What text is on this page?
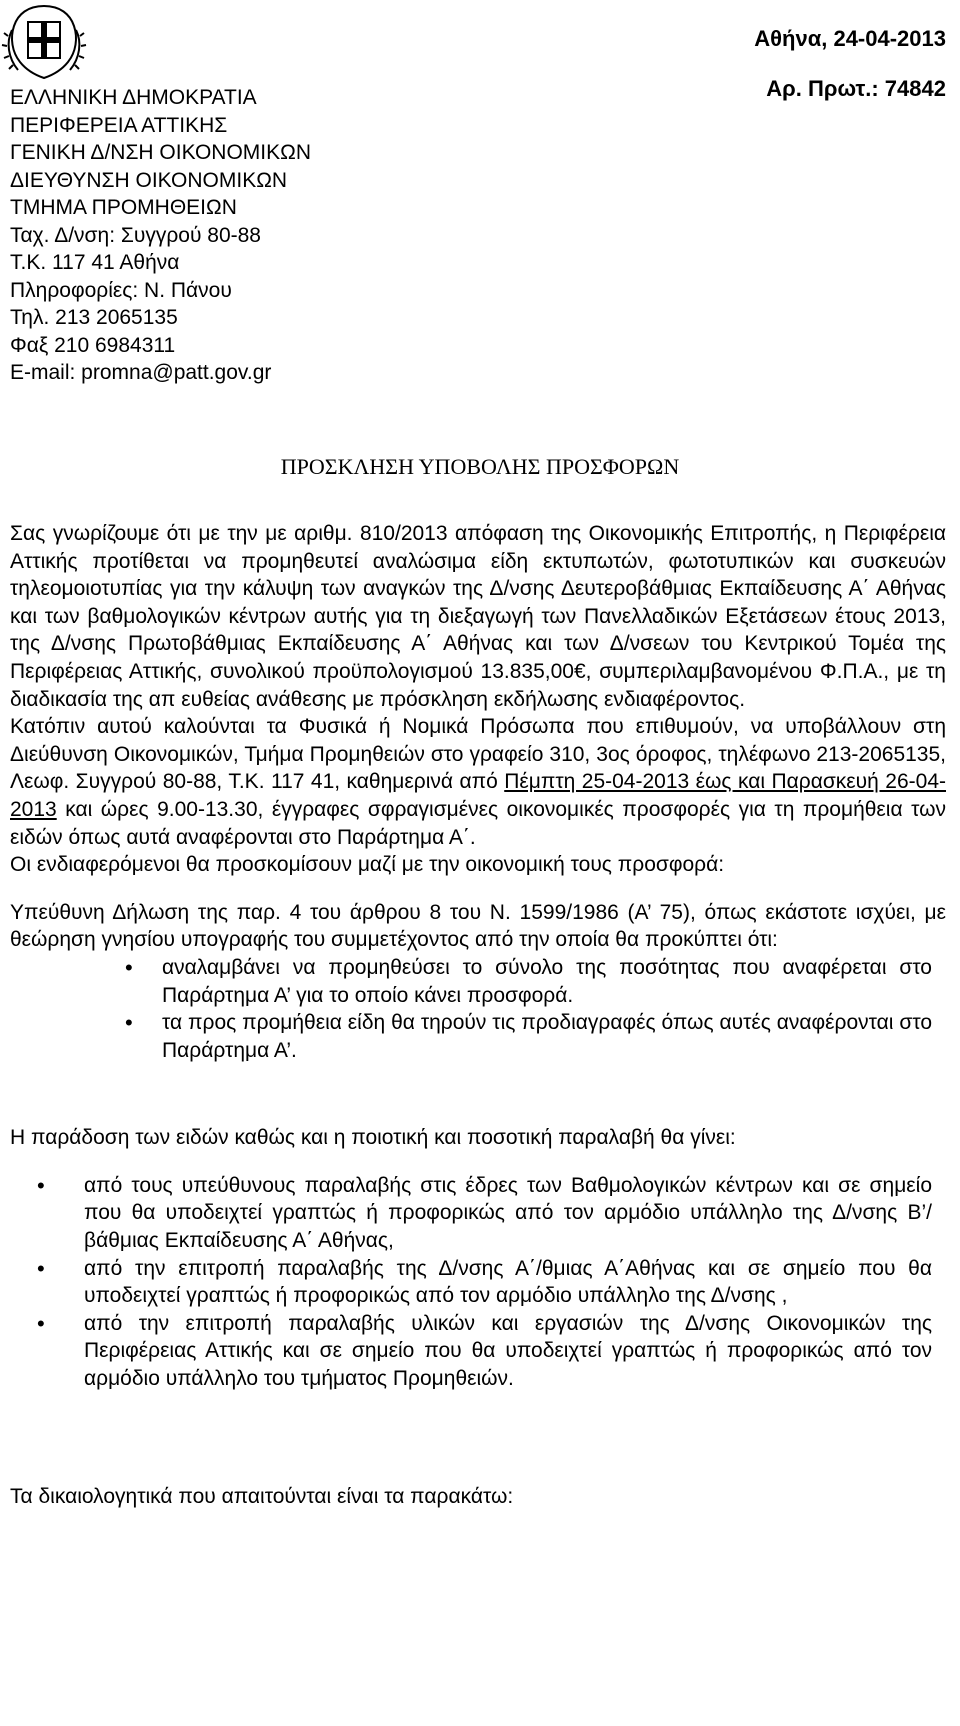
ΕΛΛΗΝΙΚΗ ΔΗΜΟΚΡΑΤΙΑ
ΠΕΡΙΦΕΡΕΙΑ ΑΤΤΙΚΗΣ
ΓΕΝΙΚΗ Δ/ΝΣΗ ΟΙΚΟΝΟΜΙΚΩΝ
ΔΙΕΥΘΥΝΣΗ ΟΙΚΟΝΟΜΙΚΩΝ
ΤΜΗΜΑ ΠΡΟΜΗΘΕΙΩΝ
Ταχ. Δ/νση: Συγγρού 80-88
Τ.Κ. 117 41 Αθήνα
Πληροφορίες: Ν. Πάνου
Τηλ. 213 2065135
Φαξ 210 6984311
E-mail: promna@patt.gov.gr
Αθήνα, 24-04-2013
Αρ. Πρωτ.: 74842
ΠΡΟΣΚΛΗΣΗ ΥΠΟΒΟΛΗΣ ΠΡΟΣΦΟΡΩΝ

Σας γνωρίζουμε ότι με την με αριθμ. 810/2013 απόφαση της Οικονομικής Επιτροπής, η Περιφέρεια Αττικής προτίθεται να προμηθευτεί αναλώσιμα είδη εκτυπωτών, φωτοτυπικών και συσκευών τηλεομοιοτυπίας για την κάλυψη των αναγκών της Δ/νσης Δευτεροβάθμιας Εκπαίδευσης Α΄ Αθήνας και των βαθμολογικών κέντρων αυτής για τη διεξαγωγή των Πανελλαδικών Εξετάσεων έτους 2013, της Δ/νσης Πρωτοβάθμιας Εκπαίδευσης Α΄ Αθήνας και των Δ/νσεων του Κεντρικού Τομέα της Περιφέρειας Αττικής, συνολικού προϋπολογισμού 13.835,00€, συμπεριλαμβανομένου Φ.Π.Α., με τη διαδικασία της απ ευθείας ανάθεσης με πρόσκληση εκδήλωσης ενδιαφέροντος.

Κατόπιν αυτού καλούνται τα Φυσικά ή Νομικά Πρόσωπα που επιθυμούν, να υποβάλλουν στη Διεύθυνση Οικονομικών, Τμήμα Προμηθειών στο γραφείο 310, 3ος όροφος, τηλέφωνο 213-2065135, Λεωφ. Συγγρού 80-88, Τ.Κ. 117 41, καθημερινά από Πέμπτη 25-04-2013 έως και Παρασκευή 26-04-2013 και ώρες 9.00-13.30, έγγραφες σφραγισμένες οικονομικές προσφορές για τη προμήθεια των ειδών όπως αυτά αναφέρονται στο Παράρτημα Α΄.

Οι ενδιαφερόμενοι θα προσκομίσουν μαζί με την οικονομική τους προσφορά:

Υπεύθυνη Δήλωση της παρ. 4 του άρθρου 8 του Ν. 1599/1986 (Α’ 75), όπως εκάστοτε ισχύει, με θεώρηση γνησίου υπογραφής του συμμετέχοντος από την οποία θα προκύπτει ότι:

• αναλαμβάνει να προμηθεύσει το σύνολο της ποσότητας που αναφέρεται στο Παράρτημα Α’ για το οποίο κάνει προσφορά.
• τα προς προμήθεια είδη θα τηρούν τις προδιαγραφές όπως αυτές αναφέρονται στο Παράρτημα Α’.

Η παράδοση των ειδών καθώς και η ποιοτική και ποσοτική παραλαβή θα γίνει:

• από τους υπεύθυνους παραλαβής στις έδρες των Βαθμολογικών κέντρων και σε σημείο που θα υποδειχτεί γραπτώς ή προφορικώς από τον αρμόδιο υπάλληλο της Δ/νσης Β’/βάθμιας Εκπαίδευσης Α΄ Αθήνας,
• από την επιτροπή παραλαβής της Δ/νσης Α΄/θμιας Α΄Αθήνας και σε σημείο που θα υποδειχτεί γραπτώς ή προφορικώς από τον αρμόδιο υπάλληλο της Δ/νσης ,
• από την επιτροπή παραλαβής υλικών και εργασιών της Δ/νσης Οικονομικών της Περιφέρειας Αττικής και σε σημείο που θα υποδειχτεί γραπτώς ή προφορικώς από τον αρμόδιο υπάλληλο του τμήματος Προμηθειών.

Τα δικαιολογητικά που απαιτούνται είναι τα παρακάτω:
